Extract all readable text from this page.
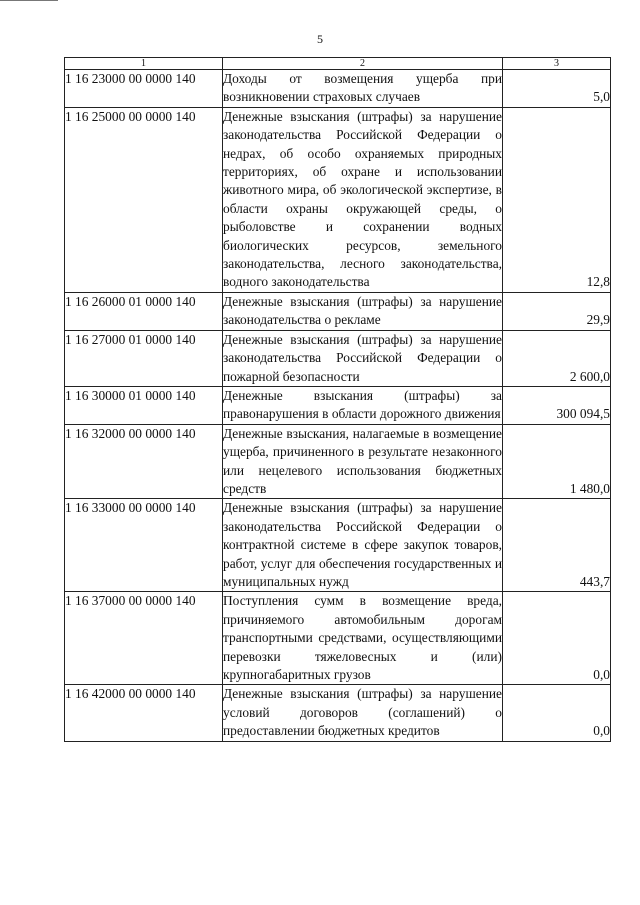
5
1	2	3
1 16 23000 00 0000 140	Доходы от возмещения ущерба при возникновении страховых случаев	5,0
1 16 25000 00 0000 140	Денежные взыскания (штрафы) за нарушение законодательства Российской Федерации о недрах, об особо охраняемых природных территориях, об охране и использовании животного мира, об экологической экспертизе, в области охраны окружающей среды, о рыболовстве и сохранении водных биологических ресурсов, земельного законодательства, лесного законодательства, водного законодательства	12,8
1 16 26000 01 0000 140	Денежные взыскания (штрафы) за нарушение законодательства о рекламе	29,9
1 16 27000 01 0000 140	Денежные взыскания (штрафы) за нарушение законодательства Российской Федерации о пожарной безопасности	2 600,0
1 16 30000 01 0000 140	Денежные взыскания (штрафы) за правонарушения в области дорожного движения	300 094,5
1 16 32000 00 0000 140	Денежные взыскания, налагаемые в возмещение ущерба, причиненного в результате незаконного или нецелевого использования бюджетных средств	1 480,0
1 16 33000 00 0000 140	Денежные взыскания (штрафы) за нарушение законодательства Российской Федерации о контрактной системе в сфере закупок товаров, работ, услуг для обеспечения государственных и муниципальных нужд	443,7
1 16 37000 00 0000 140	Поступления сумм в возмещение вреда, причиняемого автомобильным дорогам транспортными средствами, осуществляющими перевозки тяжеловесных и (или) крупногабаритных грузов	0,0
1 16 42000 00 0000 140	Денежные взыскания (штрафы) за нарушение условий договоров (соглашений) о предоставлении бюджетных кредитов	0,0
